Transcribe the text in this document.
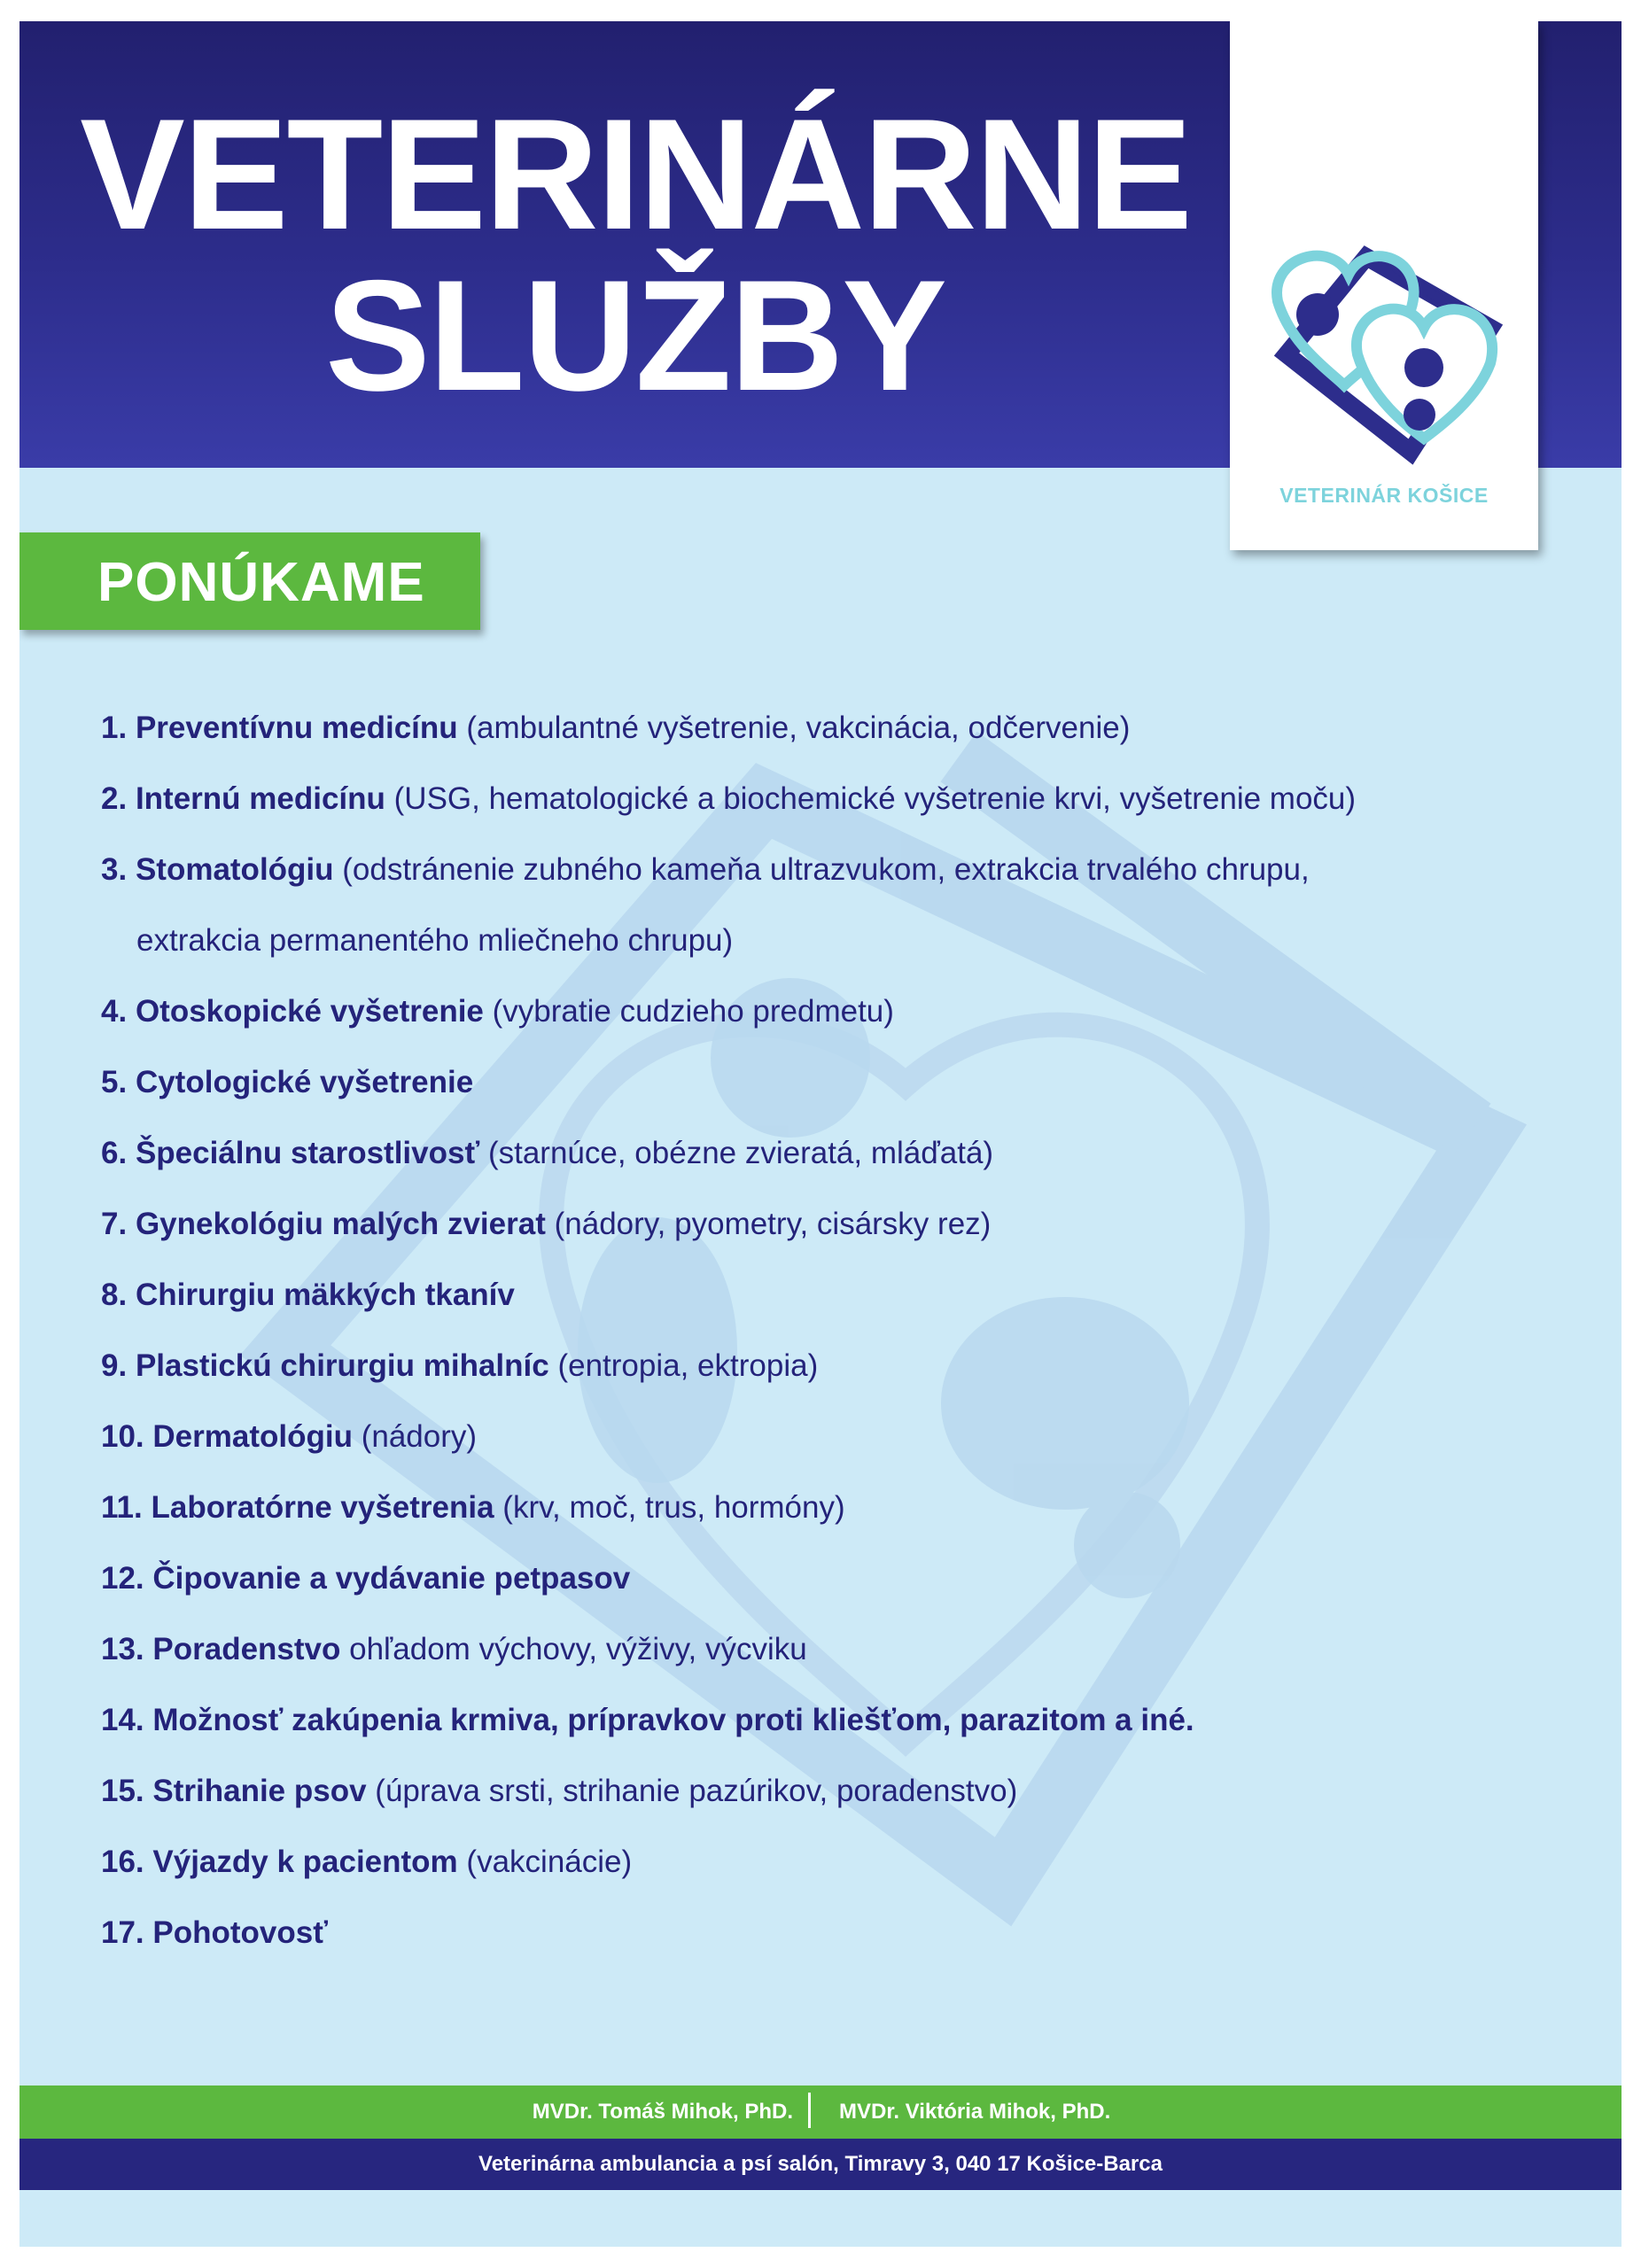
VETERINÁRNE
SLUŽBY
VETERINÁR KOŠICE
PONÚKAME
1. Preventívnu medicínu (ambulantné vyšetrenie, vakcinácia, odčervenie)
2. Internú medicínu (USG, hematologické a biochemické vyšetrenie krvi, vyšetrenie moču)
3. Stomatológiu (odstránenie zubného kameňa ultrazvukom, extrakcia trvalého chrupu,
extrakcia permanentého mliečneho chrupu)
4. Otoskopické vyšetrenie (vybratie cudzieho predmetu)
5. Cytologické vyšetrenie
6. Špeciálnu starostlivosť (starnúce, obézne zvieratá, mláďatá)
7. Gynekológiu malých zvierat (nádory, pyometry, cisársky rez)
8. Chirurgiu mäkkých tkanív
9. Plastickú chirurgiu mihalníc (entropia, ektropia)
10. Dermatológiu (nádory)
11. Laboratórne vyšetrenia (krv, moč, trus, hormóny)
12. Čipovanie a vydávanie petpasov
13. Poradenstvo ohľadom výchovy, výživy, výcviku
14. Možnosť zakúpenia krmiva, prípravkov proti kliešťom, parazitom a iné.
15. Strihanie psov (úprava srsti, strihanie pazúrikov, poradenstvo)
16. Výjazdy k pacientom (vakcinácie)
17. Pohotovosť
MVDr. Tomáš Mihok, PhD. MVDr. Viktória Mihok, PhD.
Veterinárna ambulancia a psí salón, Timravy 3, 040 17 Košice-Barca
